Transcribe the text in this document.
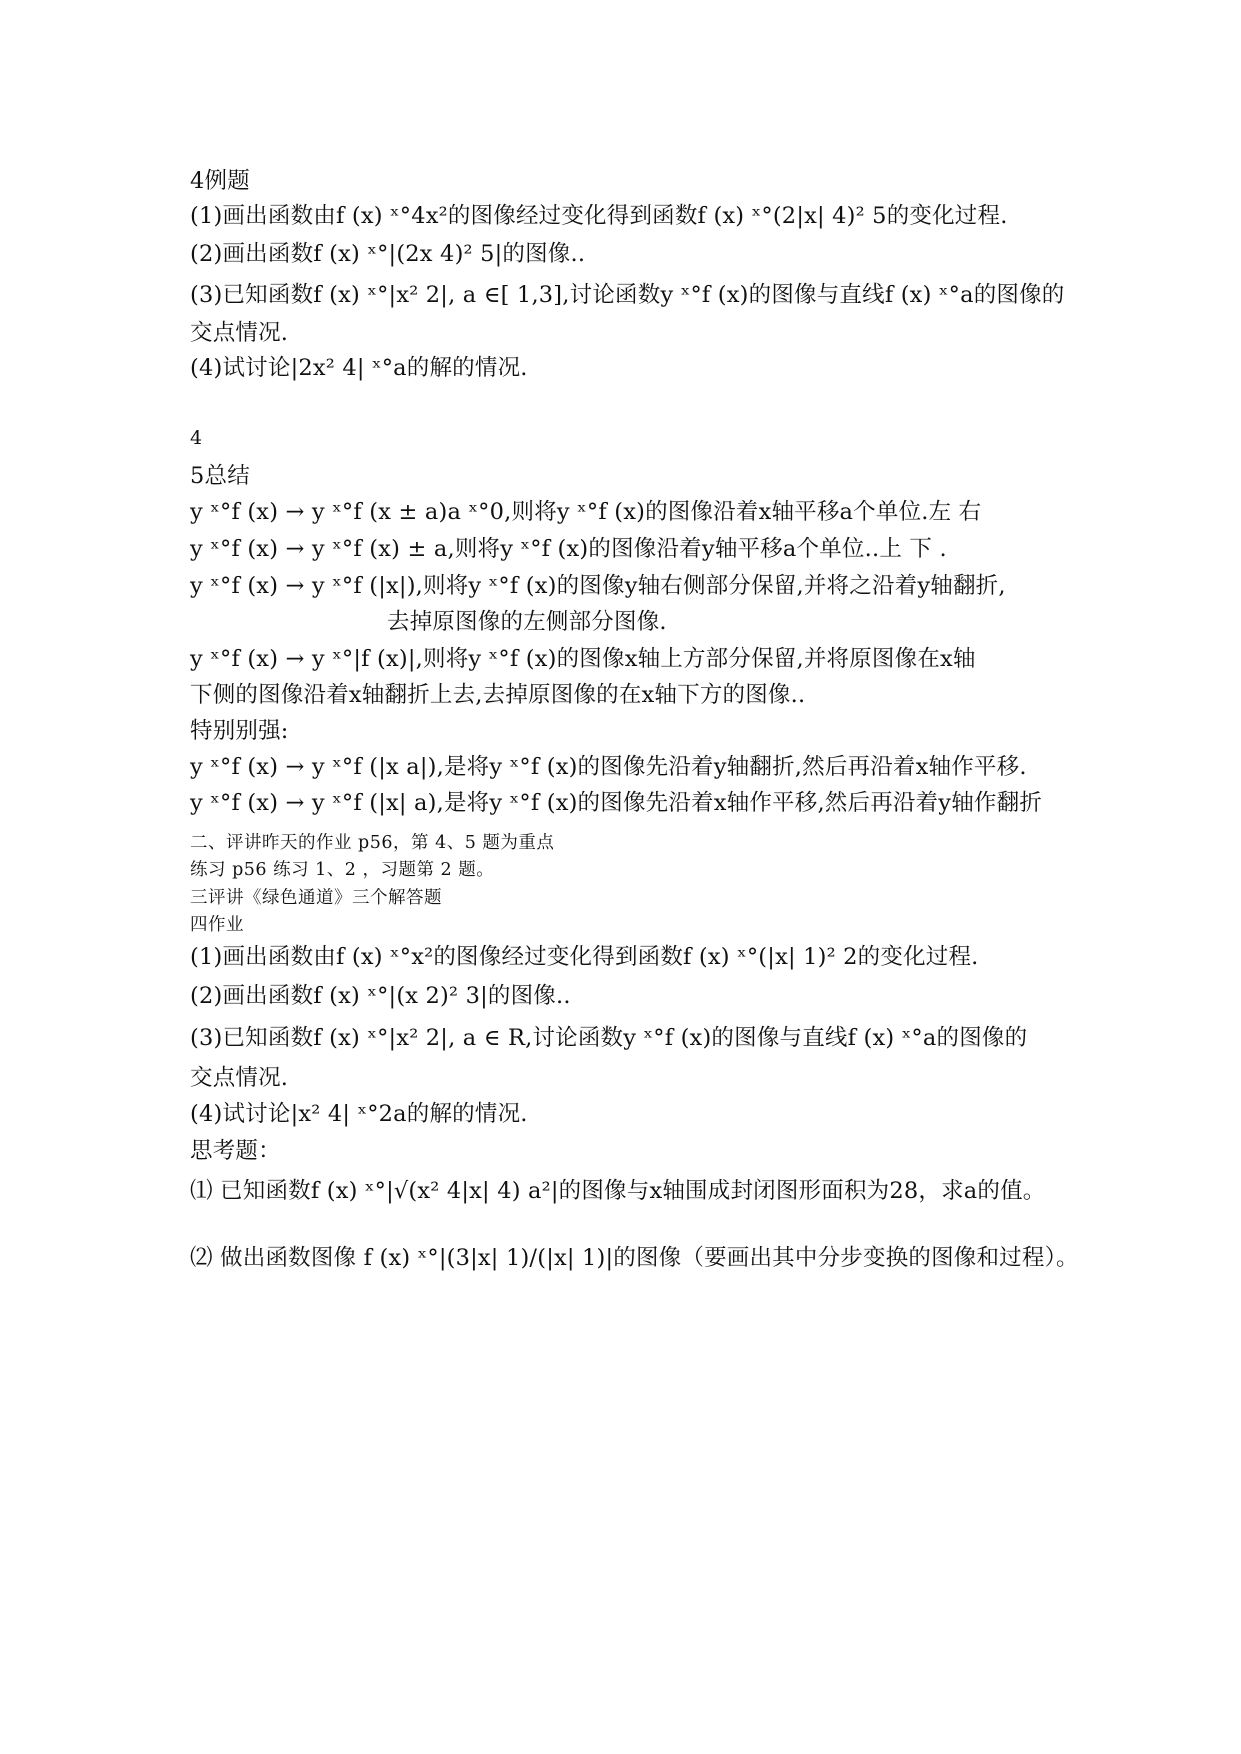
4例题
(1)画出函数由f (x) ˣ°4x²的图像经过变化得到函数f (x) ˣ°(2|x| 4)² 5的变化过程.
(2)画出函数f (x) ˣ°|(2x 4)² 5|的图像..
(3)已知函数f (x) ˣ°|x² 2|, a ∈[ 1,3],讨论函数y ˣ°f (x)的图像与直线f (x) ˣ°a的图像的
交点情况.
(4)试讨论|2x² 4| ˣ°a的解的情况.
4
5总结
y ˣ°f (x) → y ˣ°f (x ± a)a ˣ°0,则将y ˣ°f (x)的图像沿着x轴平移a个单位.左 右
y ˣ°f (x) → y ˣ°f (x) ± a,则将y ˣ°f (x)的图像沿着y轴平移a个单位..上 下 .
y ˣ°f (x) → y ˣ°f (|x|),则将y ˣ°f (x)的图像y轴右侧部分保留,并将之沿着y轴翻折,
去掉原图像的左侧部分图像.
y ˣ°f (x) → y ˣ°|f (x)|,则将y ˣ°f (x)的图像x轴上方部分保留,并将原图像在x轴
下侧的图像沿着x轴翻折上去,去掉原图像的在x轴下方的图像..
特别别强:
y ˣ°f (x) → y ˣ°f (|x a|),是将y ˣ°f (x)的图像先沿着y轴翻折,然后再沿着x轴作平移.
y ˣ°f (x) → y ˣ°f (|x| a),是将y ˣ°f (x)的图像先沿着x轴作平移,然后再沿着y轴作翻折
二、评讲昨天的作业 p56，第 4、5 题为重点
练习 p56 练习 1、2 ，习题第 2 题。
三评讲《绿色通道》三个解答题
四作业
(1)画出函数由f (x) ˣ°x²的图像经过变化得到函数f (x) ˣ°(|x| 1)² 2的变化过程.
(2)画出函数f (x) ˣ°|(x 2)² 3|的图像..
(3)已知函数f (x) ˣ°|x² 2|, a ∈ R,讨论函数y ˣ°f (x)的图像与直线f (x) ˣ°a的图像的
交点情况.
(4)试讨论|x² 4| ˣ°2a的解的情况.
思考题：
⑴ 已知函数f (x) ˣ°|√(x² 4|x| 4) a²|的图像与x轴围成封闭图形面积为28，求a的值。
⑵ 做出函数图像 f (x) ˣ°|(3|x| 1)/(|x| 1)|的图像（要画出其中分步变换的图像和过程）。
